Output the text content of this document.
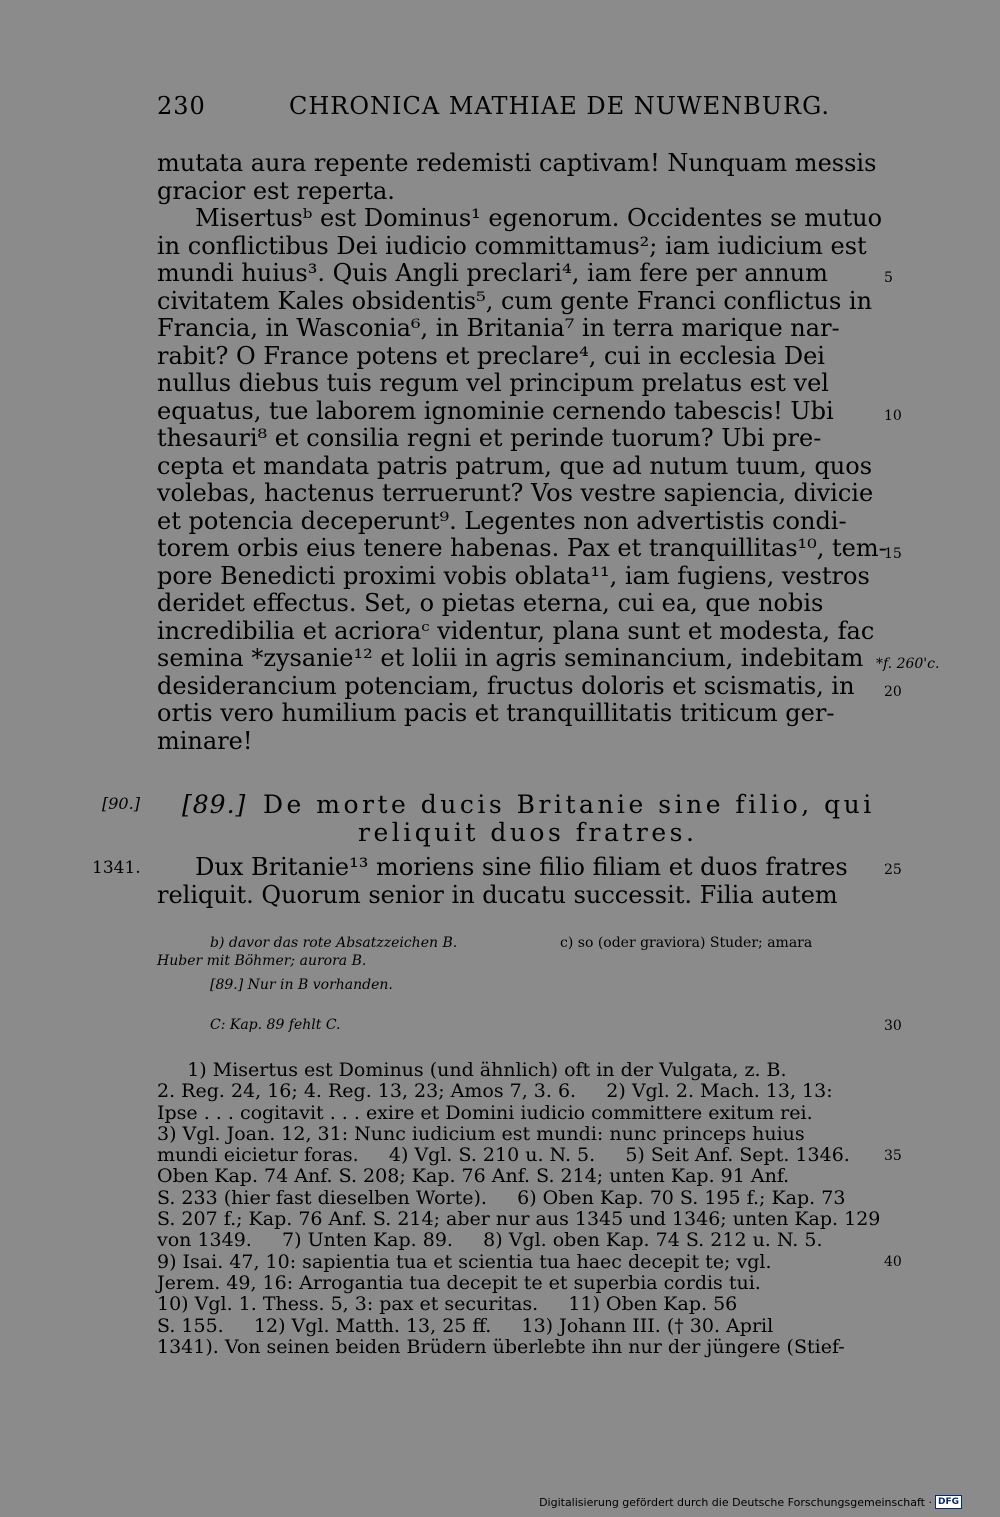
230	CHRONICA MATHIAE DE NUWENBURG.
mutata aura repente redemisti captivam! Nunquam messis
gracior est reperta.
Misertusᵇ est Dominus¹ egenorum. Occidentes se mutuo
in conflictibus Dei iudicio committamus²; iam iudicium est
mundi huius³. Quis Angli preclari⁴, iam fere per annum
civitatem Kales obsidentis⁵, cum gente Franci conflictus in
Francia, in Wasconia⁶, in Britania⁷ in terra marique nar-
rabit? O France potens et preclare⁴, cui in ecclesia Dei
nullus diebus tuis regum vel principum prelatus est vel
equatus, tue laborem ignominie cernendo tabescis! Ubi
thesauri⁸ et consilia regni et perinde tuorum? Ubi pre-
cepta et mandata patris patrum, que ad nutum tuum, quos
volebas, hactenus terruerunt? Vos vestre sapiencia, divicie
et potencia deceperunt⁹. Legentes non advertistis condi-
torem orbis eius tenere habenas. Pax et tranquillitas¹⁰, tem-
pore Benedicti proximi vobis oblata¹¹, iam fugiens, vestros
deridet effectus. Set, o pietas eterna, cui ea, que nobis
incredibilia et acrioraᶜ videntur, plana sunt et modesta, fac
semina *zysanie¹² et lolii in agris seminancium, indebitam
desiderancium potenciam, fructus doloris et scismatis, in
ortis vero humilium pacis et tranquillitatis triticum ger-
minare!
5
10
15
20
*f. 260'c.
[90.] [89.] De morte ducis Britanie sine filio, qui
reliquit duos fratres.
1341. Dux Britanie¹³ moriens sine filio filiam et duos fratres
reliquit. Quorum senior in ducatu successit. Filia autem
25
b) davor das rote Absatzzeichen B.	c) so (oder graviora) Studer; amara
Huber mit Böhmer; aurora B.
[89.] Nur in B vorhanden.
C: Kap. 89 fehlt C.	30
1) Misertus est Dominus (und ähnlich) oft in der Vulgata, z. B.
2. Reg. 24, 16; 4. Reg. 13, 23; Amos 7, 3. 6.     2) Vgl. 2. Mach. 13, 13:
Ipse . . . cogitavit . . . exire et Domini iudicio committere exitum rei.
3) Vgl. Joan. 12, 31: Nunc iudicium est mundi: nunc princeps huius
mundi eicietur foras.     4) Vgl. S. 210 u. N. 5.     5) Seit Anf. Sept. 1346.
Oben Kap. 74 Anf. S. 208; Kap. 76 Anf. S. 214; unten Kap. 91 Anf.
S. 233 (hier fast dieselben Worte).     6) Oben Kap. 70 S. 195 f.; Kap. 73
S. 207 f.; Kap. 76 Anf. S. 214; aber nur aus 1345 und 1346; unten Kap. 129
von 1349.     7) Unten Kap. 89.     8) Vgl. oben Kap. 74 S. 212 u. N. 5.
9) Isai. 47, 10: sapientia tua et scientia tua haec decepit te; vgl.
Jerem. 49, 16: Arrogantia tua decepit te et superbia cordis tui.
10) Vgl. 1. Thess. 5, 3: pax et securitas.     11) Oben Kap. 56
S. 155.     12) Vgl. Matth. 13, 25 ff.     13) Johann III. († 30. April
1341). Von seinen beiden Brüdern überlebte ihn nur der jüngere (Stief-
35
40
Digitalisierung gefördert durch die Deutsche Forschungsgemeinschaft · DFG
